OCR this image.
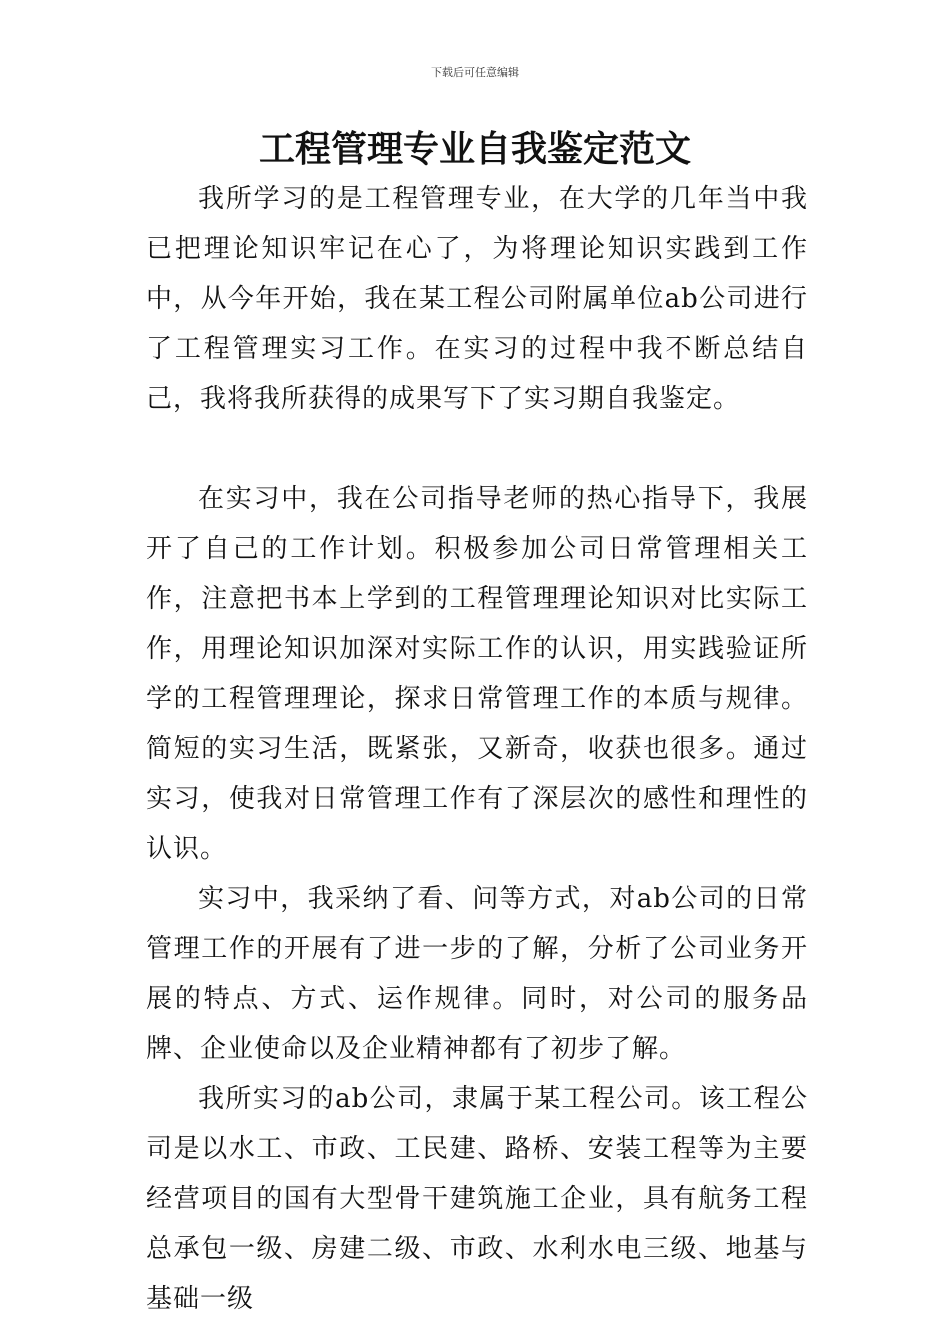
下载后可任意编辑
工程管理专业自我鉴定范文

我所学习的是工程管理专业，在大学的几年当中我已把理论知识牢记在心了，为将理论知识实践到工作中，从今年开始，我在某工程公司附属单位ab公司进行了工程管理实习工作。在实习的过程中我不断总结自己，我将我所获得的成果写下了实习期自我鉴定。

在实习中，我在公司指导老师的热心指导下，我展开了自己的工作计划。积极参加公司日常管理相关工作，注意把书本上学到的工程管理理论知识对比实际工作，用理论知识加深对实际工作的认识，用实践验证所学的工程管理理论，探求日常管理工作的本质与规律。简短的实习生活，既紧张，又新奇，收获也很多。通过实习，使我对日常管理工作有了深层次的感性和理性的认识。

实习中，我采纳了看、问等方式，对ab公司的日常管理工作的开展有了进一步的了解，分析了公司业务开展的特点、方式、运作规律。同时，对公司的服务品牌、企业使命以及企业精神都有了初步了解。

我所实习的ab公司，隶属于某工程公司。该工程公司是以水工、市政、工民建、路桥、安装工程等为主要经营项目的国有大型骨干建筑施工企业，具有航务工程总承包一级、房建二级、市政、水利水电三级、地基与基础一级
